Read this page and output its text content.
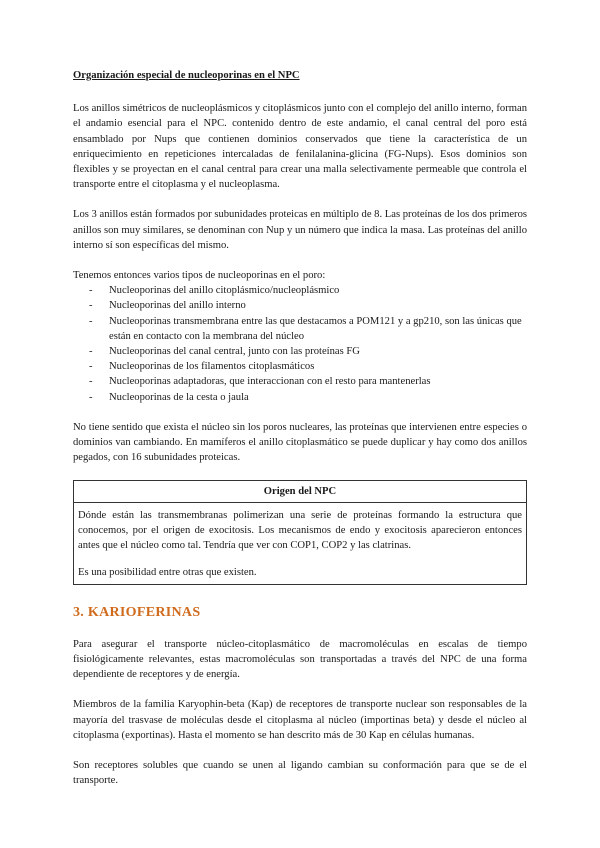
Organización especial de nucleoporinas en el NPC

Los anillos simétricos de nucleoplásmicos y citoplásmicos junto con el complejo del anillo interno, forman el andamio esencial para el NPC. contenido dentro de este andamio, el canal central del poro está ensamblado por Nups que contienen dominios conservados que tiene la característica de un enriquecimiento en repeticiones intercaladas de fenilalanina-glicina (FG-Nups). Esos dominios son flexibles y se proyectan en el canal central para crear una malla selectivamente permeable que controla el transporte entre el citoplasma y el nucleoplasma.

Los 3 anillos están formados por subunidades proteicas en múltiplo de 8. Las proteínas de los dos primeros anillos son muy similares, se denominan con Nup y un número que indica la masa. Las proteínas del anillo interno sí son específicas del mismo.

Tenemos entonces varios tipos de nucleoporinas en el poro:

- Nucleoporinas del anillo citoplásmico/nucleoplásmico
- Nucleoporinas del anillo interno
- Nucleoporinas transmembrana entre las que destacamos a POM121 y a gp210, son las únicas que están en contacto con la membrana del núcleo
- Nucleoporinas del canal central, junto con las proteínas FG
- Nucleoporinas de los filamentos citoplasmáticos
- Nucleoporinas adaptadoras, que interaccionan con el resto para mantenerlas
- Nucleoporinas de la cesta o jaula

No tiene sentido que exista el núcleo sin los poros nucleares, las proteínas que intervienen entre especies o dominios van cambiando. En mamíferos el anillo citoplasmático se puede duplicar y hay como dos anillos pegados, con 16 subunidades proteicas.

Origen del NPC

Dónde están las transmembranas polimerizan una serie de proteínas formando la estructura que conocemos, por el origen de exocitosis. Los mecanismos de endo y exocitosis aparecieron entonces antes que el núcleo como tal. Tendría que ver con COP1, COP2 y las clatrinas.

Es una posibilidad entre otras que existen.

3. KARIOFERINAS

Para asegurar el transporte núcleo-citoplasmático de macromoléculas en escalas de tiempo fisiológicamente relevantes, estas macromoléculas son transportadas a través del NPC de una forma dependiente de receptores y de energía.

Miembros de la familia Karyophin-beta (Kap) de receptores de transporte nuclear son responsables de la mayoría del trasvase de moléculas desde el citoplasma al núcleo (importinas beta) y desde el núcleo al citoplasma (exportinas). Hasta el momento se han descrito más de 30 Kap en células humanas.

Son receptores solubles que cuando se unen al ligando cambian su conformación para que se de el transporte.
